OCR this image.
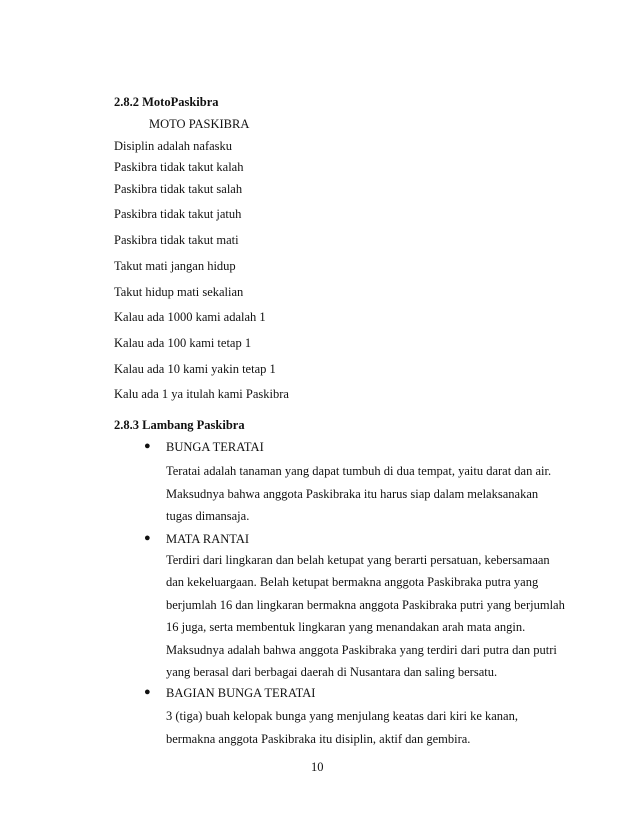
2.8.2 MotoPaskibra
MOTO PASKIBRA
Disiplin adalah nafasku
Paskibra tidak takut kalah
Paskibra tidak takut salah
Paskibra tidak takut jatuh
Paskibra tidak takut mati
Takut mati jangan hidup
Takut hidup mati sekalian
Kalau ada 1000 kami adalah 1
Kalau ada 100 kami tetap 1
Kalau ada 10 kami yakin tetap 1
Kalu ada 1 ya itulah kami Paskibra
2.8.3 Lambang Paskibra
● BUNGA TERATAI
Teratai adalah tanaman yang dapat tumbuh di dua tempat, yaitu darat dan air.
Maksudnya bahwa anggota Paskibraka itu harus siap dalam melaksanakan
tugas dimansaja.
● MATA RANTAI
Terdiri dari lingkaran dan belah ketupat yang berarti persatuan, kebersamaan
dan kekeluargaan. Belah ketupat bermakna anggota Paskibraka putra yang
berjumlah 16 dan lingkaran bermakna anggota Paskibraka putri yang berjumlah
16 juga, serta membentuk lingkaran yang menandakan arah mata angin.
Maksudnya adalah bahwa anggota Paskibraka yang terdiri dari putra dan putri
yang berasal dari berbagai daerah di Nusantara dan saling bersatu.
● BAGIAN BUNGA TERATAI
3 (tiga) buah kelopak bunga yang menjulang keatas dari kiri ke kanan,
bermakna anggota Paskibraka itu disiplin, aktif dan gembira.
10
